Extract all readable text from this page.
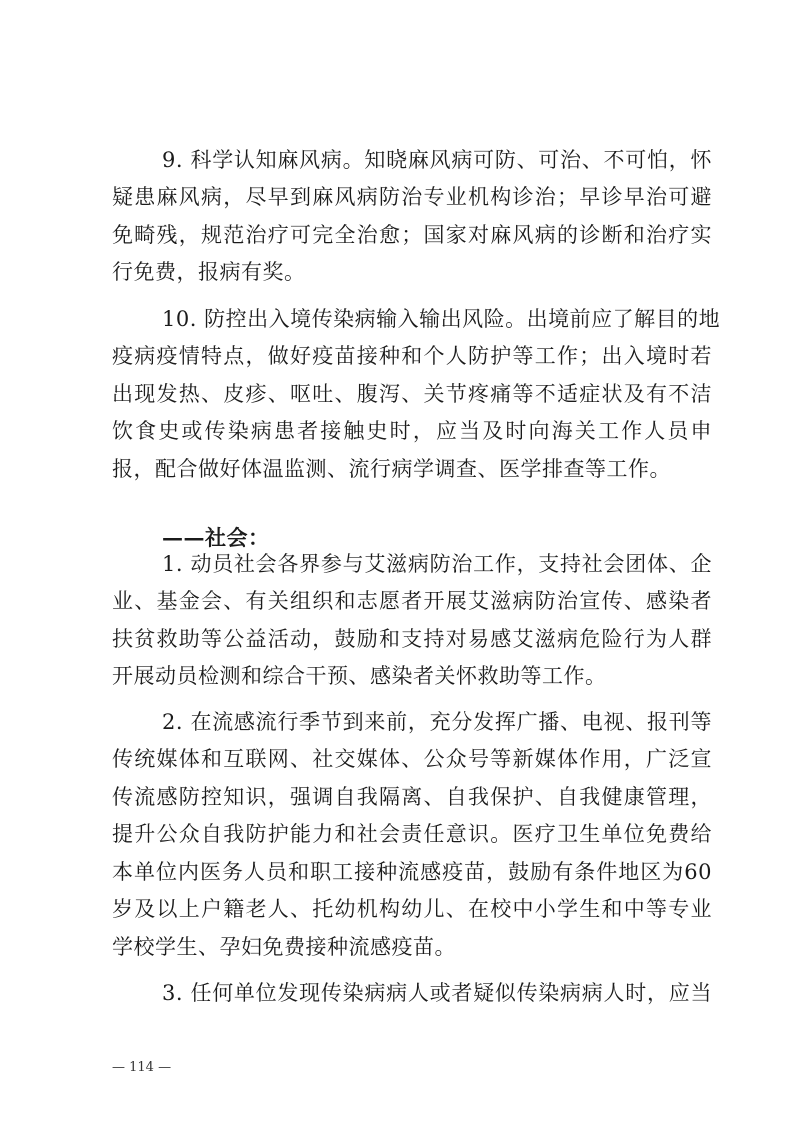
9. 科学认知麻风病。知晓麻风病可防、可治、不可怕，怀

疑患麻风病，尽早到麻风病防治专业机构诊治；早诊早治可避

免畸残，规范治疗可完全治愈；国家对麻风病的诊断和治疗实

行免费，报病有奖。

10. 防控出入境传染病输入输出风险。出境前应了解目的地

疫病疫情特点，做好疫苗接种和个人防护等工作；出入境时若

出现发热、皮疹、呕吐、腹泻、关节疼痛等不适症状及有不洁

饮食史或传染病患者接触史时，应当及时向海关工作人员申

报，配合做好体温监测、流行病学调查、医学排查等工作。

——社会：

1. 动员社会各界参与艾滋病防治工作，支持社会团体、企

业、基金会、有关组织和志愿者开展艾滋病防治宣传、感染者

扶贫救助等公益活动，鼓励和支持对易感艾滋病危险行为人群

开展动员检测和综合干预、感染者关怀救助等工作。

2. 在流感流行季节到来前，充分发挥广播、电视、报刊等

传统媒体和互联网、社交媒体、公众号等新媒体作用，广泛宣

传流感防控知识，强调自我隔离、自我保护、自我健康管理，

提升公众自我防护能力和社会责任意识。医疗卫生单位免费给

本单位内医务人员和职工接种流感疫苗，鼓励有条件地区为60

岁及以上户籍老人、托幼机构幼儿、在校中小学生和中等专业

学校学生、孕妇免费接种流感疫苗。

3. 任何单位发现传染病病人或者疑似传染病病人时，应当

— 114 —
